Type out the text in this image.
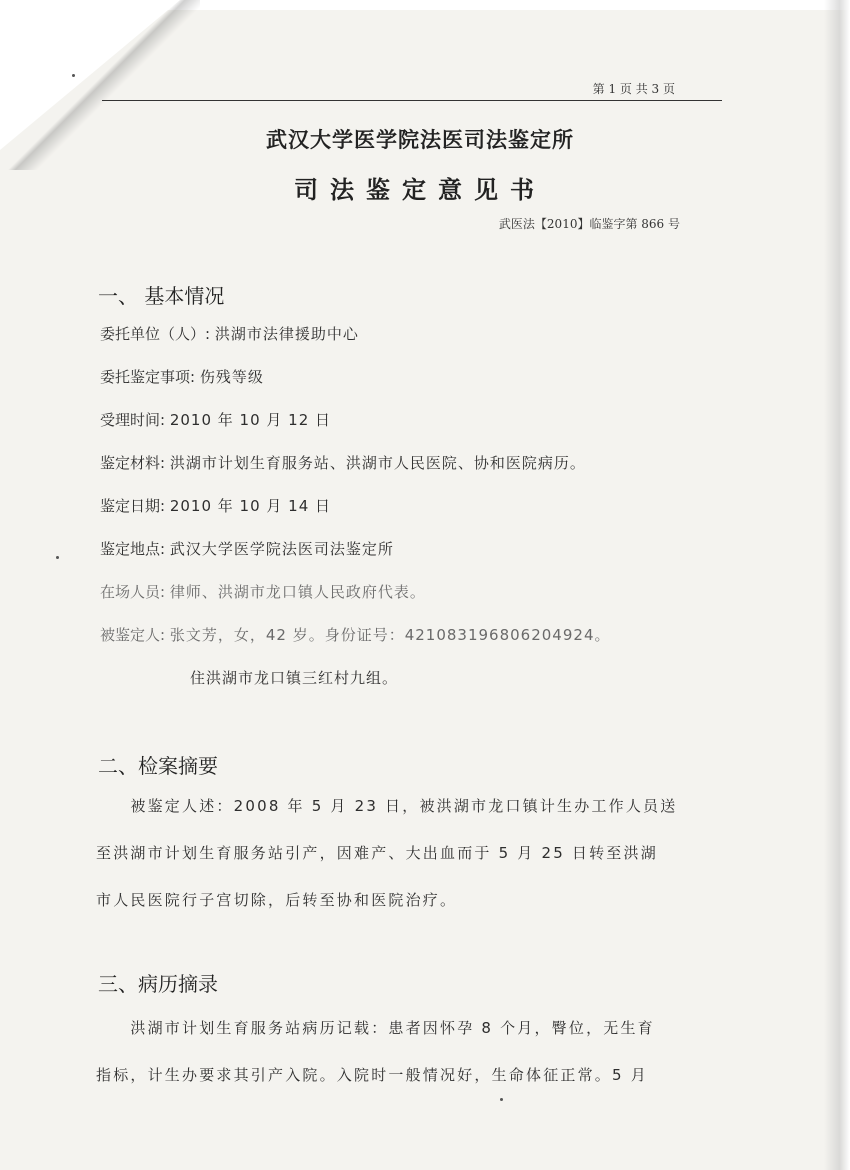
第 1 页 共 3 页
武汉大学医学院法医司法鉴定所
司法鉴定意见书
武医法【2010】临鉴字第 866 号
一、 基本情况
委托单位（人）: 洪湖市法律援助中心
委托鉴定事项: 伤残等级
受理时间: 2010 年 10 月 12 日
鉴定材料: 洪湖市计划生育服务站、洪湖市人民医院、协和医院病历。
鉴定日期: 2010 年 10 月 14 日
鉴定地点: 武汉大学医学院法医司法鉴定所
在场人员: 律师、洪湖市龙口镇人民政府代表。
被鉴定人: 张文芳，女，42 岁。身份证号：421083196806204924。
住洪湖市龙口镇三红村九组。
二、检案摘要
　　被鉴定人述：2008 年 5 月 23 日，被洪湖市龙口镇计生办工作人员送
至洪湖市计划生育服务站引产，因难产、大出血而于 5 月 25 日转至洪湖
市人民医院行子宫切除，后转至协和医院治疗。
三、病历摘录
　　洪湖市计划生育服务站病历记载：患者因怀孕 8 个月，臀位，无生育
指标，计生办要求其引产入院。入院时一般情况好，生命体征正常。5 月
